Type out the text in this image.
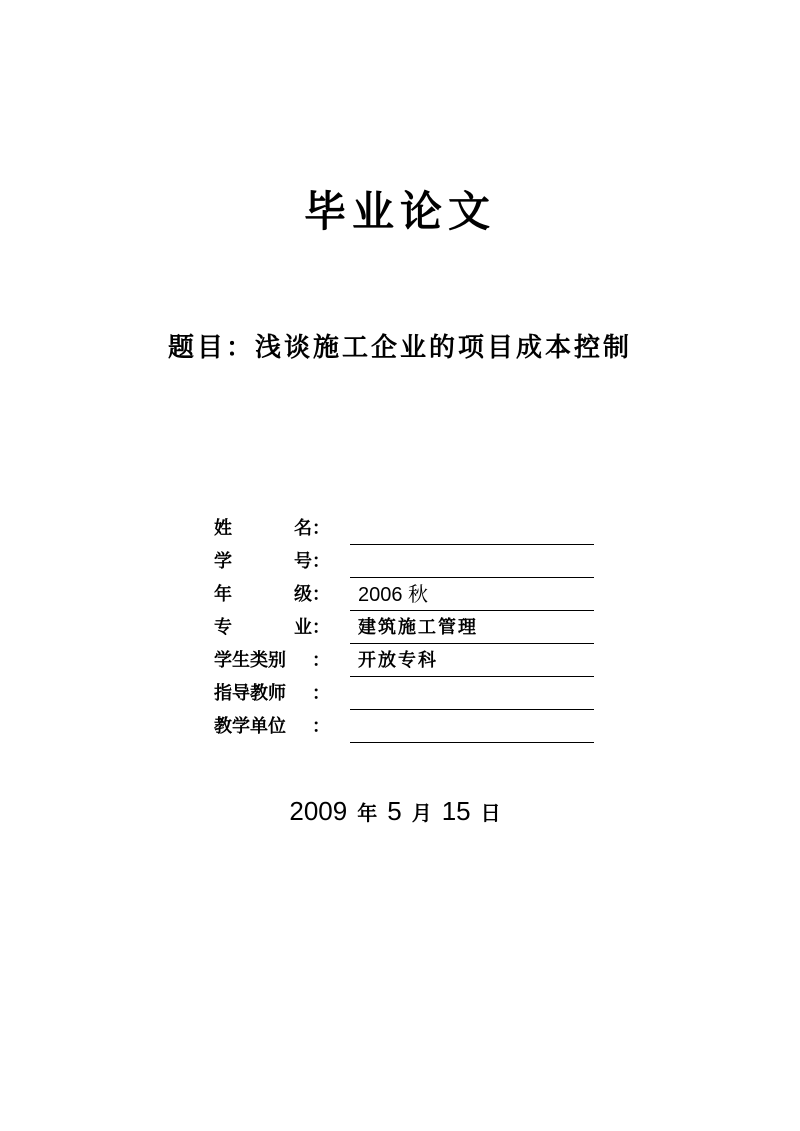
毕业论文
题目：浅谈施工企业的项目成本控制
姓	名 ：
学	号 ：
年	级 ：	2006 秋
专	业 ：	建筑施工管理
学生类别 ：	开放专科
指导教师 ：
教学单位 ：
2009 年 5 月 15 日
